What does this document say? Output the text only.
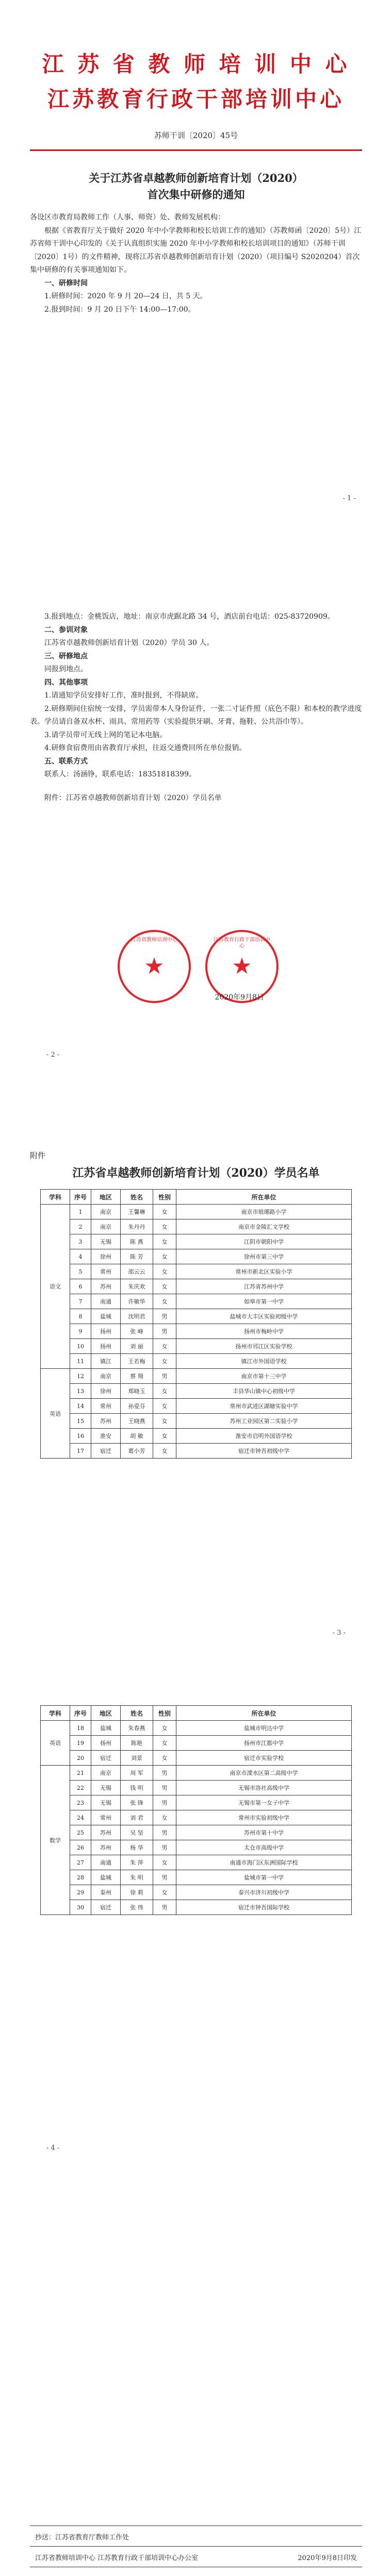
江 苏 省 教 师 培 训 中 心
江苏教育行政干部培训中心
苏师干训〔2020〕45号
关于江苏省卓越教师创新培育计划（2020）
首次集中研修的通知

各设区市教育局教师工作（人事、师资）处、教师发展机构：

根据《省教育厅关于做好 2020 年中小学教师和校长培训工作的通知》（苏教师函〔2020〕5号）江苏省师干训中心印发的《关于认真组织实施 2020 年中小学教师和校长培训项目的通知》（苏师干训〔2020〕1号）的文件精神，现将江苏省卓越教师创新培育计划（2020）（项目编号 S2020204）首次集中研修的有关事项通知如下。

一、研修时间

1.研修时间：2020 年 9 月 20—24 日，共 5 天。

2.报到时间：9 月 20 日下午 14:00—17:00。

- 1 -

3.报到地点：金桃饭店，地址：南京市虎踞北路 34 号，酒店前台电话：025-83720909。

二、参训对象

江苏省卓越教师创新培育计划（2020）学员 30 人。

三、研修地点

同报到地点。

四、其他事项

1.请通知学员安排好工作，准时报到，不得缺席。

2.研修期间住宿统一安排，学员需带本人身份证件，一张二寸证件照（底色不限）和本校的教学进度表。学员请自备双水杯、雨具、常用药等（实验提供牙刷、牙膏、拖鞋、公共浴巾等）。

3.请学员带可无线上网的笔记本电脑。

4.研修食宿费用由省教育厅承担，往返交通费回所在单位报销。

五、联系方式

联系人：汤涵铮，联系电话：18351818399。

附件：江苏省卓越教师创新培育计划（2020）学员名单

江苏省教师培训中心
★
江苏教育行政干部培训中心
★
2020年9月8日
- 2 -
附件
江苏省卓越教师创新培育计划（2020）学员名单
学科	序号	地区	姓名	性别	所在单位
语文	1	南京	王馨琳	女	南京市琅琊路小学
	2	南京	朱丹丹	女	南京市金陵汇文学校
	3	无锡	陈 燕	女	江阴市朝阳中学
	4	徐州	陈 芳	女	徐州市第三中学
	5	常州	邵云云	女	常州市新北区实验小学
	6	苏州	朱庆欢	女	江苏省苏州中学
	7	南通	许敏华	女	如皋市第一中学
	8	盐城	沈明君	男	盐城市大丰区实验初级中学
	9	扬州	张 峰	男	扬州市梅岭中学
	10	扬州	刘 丽	女	扬州市邗江区实验学校
	11	镇江	王若梅	女	镇江市外国语学校
英语	12	南京	蔡 翔	男	南京市第十三中学
	13	徐州	郑晓玉	女	丰县华山镇中心初级中学
	14	常州	孙爱芬	女	常州市武进区湖塘实验中学
	15	苏州	王晓燕	女	苏州工业园区第二实验小学
	16	淮安	胡 敏	女	淮安市启明外国语学校
	17	宿迁	葛小芳	女	宿迁市钟吾初级中学
- 3 -
学科	序号	地区	姓名	性别	所在单位
英语	18	盐城	朱春燕	女	盐城市明达中学
	19	扬州	陈艳	女	扬州市江都中学
	20	宿迁	刘景	女	宿迁市实验学校
数学	21	南京	周 军	男	南京市溧水区第二高级中学
	22	无锡	钱 明	男	无锡市洛社高级中学
	23	无锡	张 锋	男	无锡市第一女子中学
	24	常州	刘 君	女	常州市实验初级中学
	25	苏州	吴 坚	男	苏州市第十中学
	26	苏州	杨 华	男	太仓市高级中学
	27	南通	朱 萍	女	南通市海门区东洲国际学校
	28	盐城	朱 明	男	盐城市第一中学
	29	泰州	徐 莉	女	泰兴市济川初级中学
	30	宿迁	张 伟	男	宿迁市钟吾国际学校
- 4 -
抄送：江苏省教育厅教师工作处
江苏省教师培训中心 江苏教育行政干部培训中心办公室	2020年9月8日印发
